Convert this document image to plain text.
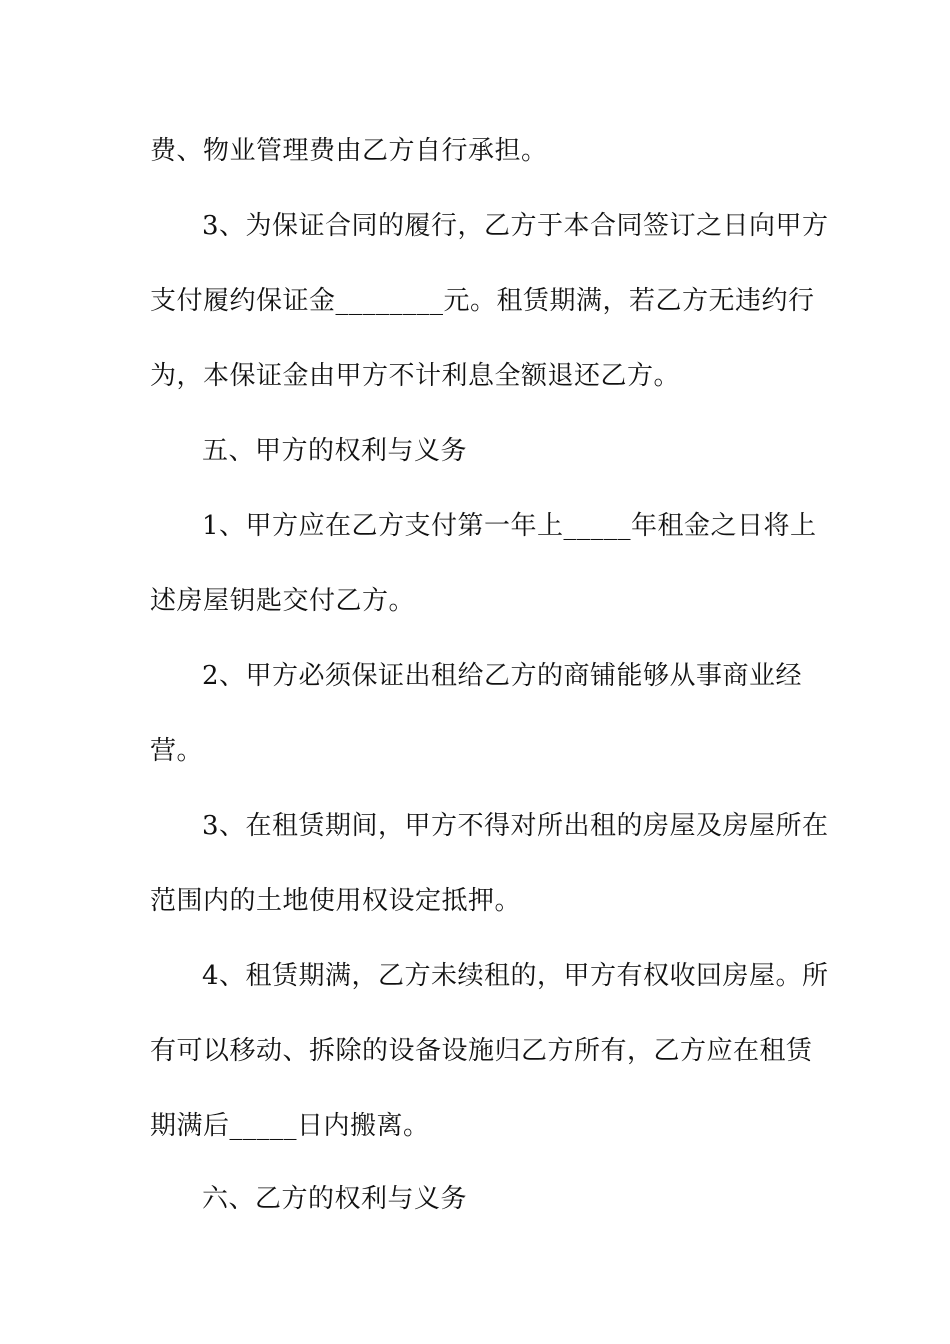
费、物业管理费由乙方自行承担。
3、为保证合同的履行，乙方于本合同签订之日向甲方
支付履约保证金________元。租赁期满，若乙方无违约行
为，本保证金由甲方不计利息全额退还乙方。
五、甲方的权利与义务
1、甲方应在乙方支付第一年上_____年租金之日将上
述房屋钥匙交付乙方。
2、甲方必须保证出租给乙方的商铺能够从事商业经
营。
3、在租赁期间，甲方不得对所出租的房屋及房屋所在
范围内的土地使用权设定抵押。
4、租赁期满，乙方未续租的，甲方有权收回房屋。所
有可以移动、拆除的设备设施归乙方所有，乙方应在租赁
期满后_____日内搬离。
六、乙方的权利与义务
